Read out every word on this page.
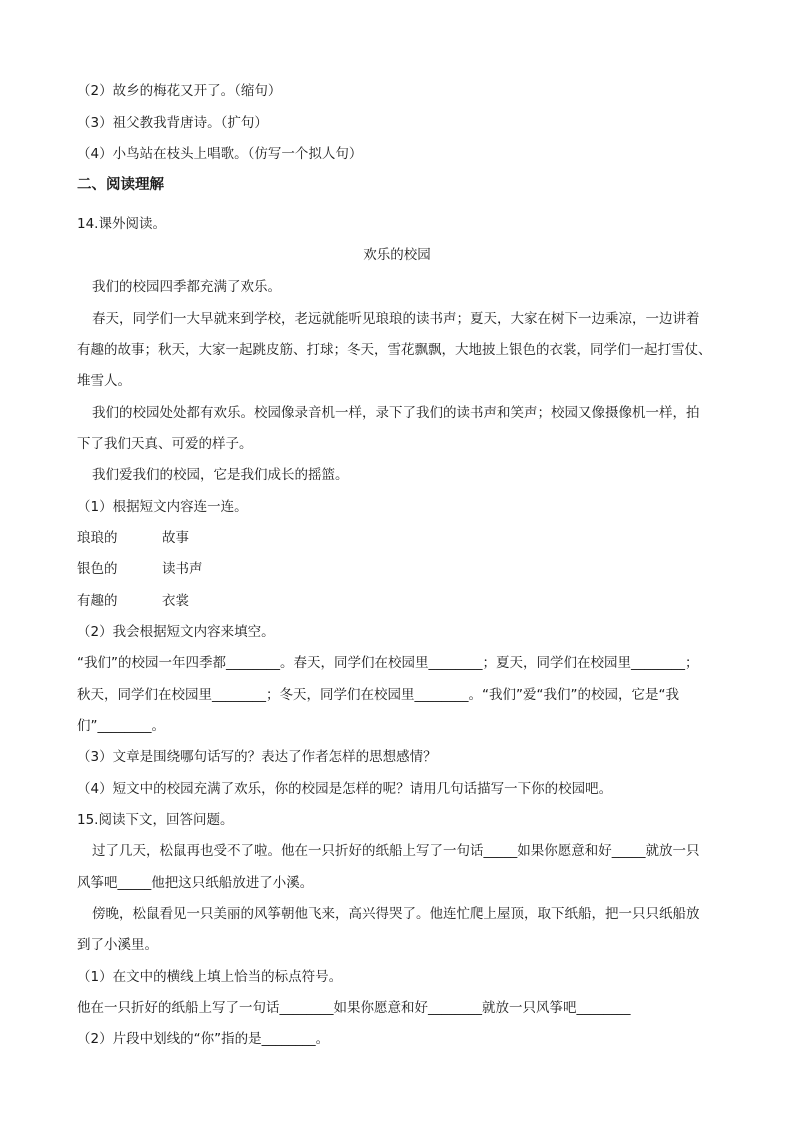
（2）故乡的梅花又开了。（缩句）
（3）祖父教我背唐诗。（扩句）
（4）小鸟站在枝头上唱歌。（仿写一个拟人句）
二、阅读理解
14.课外阅读。
欢乐的校园
我们的校园四季都充满了欢乐。
春天，同学们一大早就来到学校，老远就能听见琅琅的读书声；夏天，大家在树下一边乘凉，一边讲着
有趣的故事；秋天，大家一起跳皮筋、打球；冬天，雪花飘飘，大地披上银色的衣裳，同学们一起打雪仗、
堆雪人。
我们的校园处处都有欢乐。校园像录音机一样，录下了我们的读书声和笑声；校园又像摄像机一样，拍
下了我们天真、可爱的样子。
我们爱我们的校园，它是我们成长的摇篮。
（1）根据短文内容连一连。
琅琅的	故事
银色的	读书声
有趣的	衣裳
（2）我会根据短文内容来填空。
“我们”的校园一年四季都________。春天，同学们在校园里________；夏天，同学们在校园里________；
秋天，同学们在校园里________；冬天，同学们在校园里________。“我们”爱“我们”的校园，它是“我
们”________。
（3）文章是围绕哪句话写的？表达了作者怎样的思想感情？
（4）短文中的校园充满了欢乐，你的校园是怎样的呢？请用几句话描写一下你的校园吧。
15.阅读下文，回答问题。
过了几天，松鼠再也受不了啦。他在一只折好的纸船上写了一句话_____如果你愿意和好_____就放一只
风筝吧_____他把这只纸船放进了小溪。
傍晚，松鼠看见一只美丽的风筝朝他飞来，高兴得哭了。他连忙爬上屋顶，取下纸船，把一只只纸船放
到了小溪里。
（1）在文中的横线上填上恰当的标点符号。
他在一只折好的纸船上写了一句话________如果你愿意和好________就放一只风筝吧________
（2）片段中划线的“你”指的是________。
